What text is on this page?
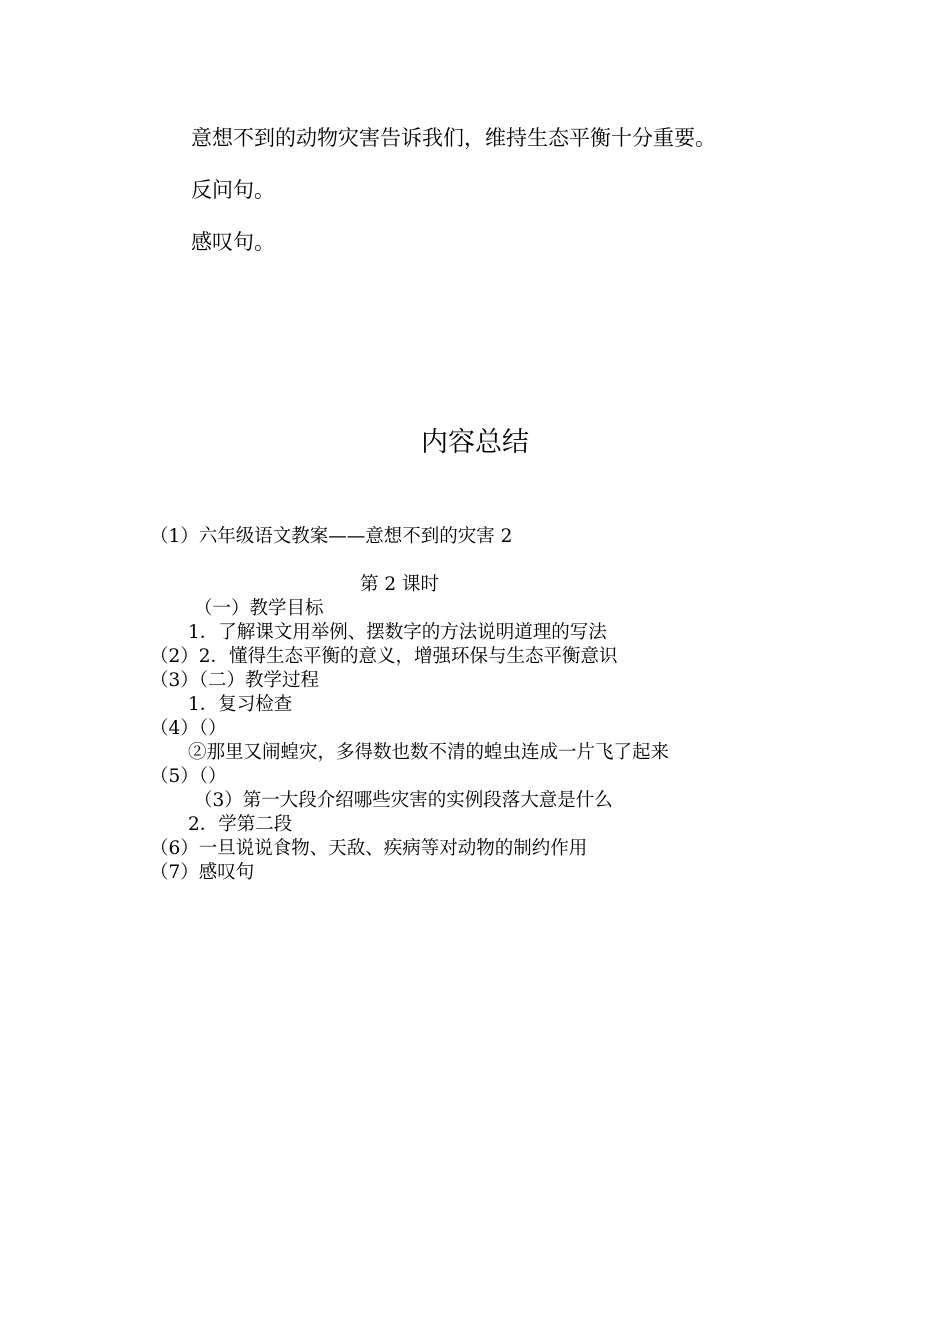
意想不到的动物灾害告诉我们，维持生态平衡十分重要。
反问句。
感叹句。
内容总结
（1）六年级语文教案——意想不到的灾害 2
第 2 课时
（一）教学目标
1．了解课文用举例、摆数字的方法说明道理的写法
（2）2．懂得生态平衡的意义，增强环保与生态平衡意识
（3）（二）教学过程
1．复习检查
（4）（）
②那里又闹蝗灾，多得数也数不清的蝗虫连成一片飞了起来
（5）（）
（3）第一大段介绍哪些灾害的实例段落大意是什么
2．学第二段
（6）一旦说说食物、天敌、疾病等对动物的制约作用
（7）感叹句
